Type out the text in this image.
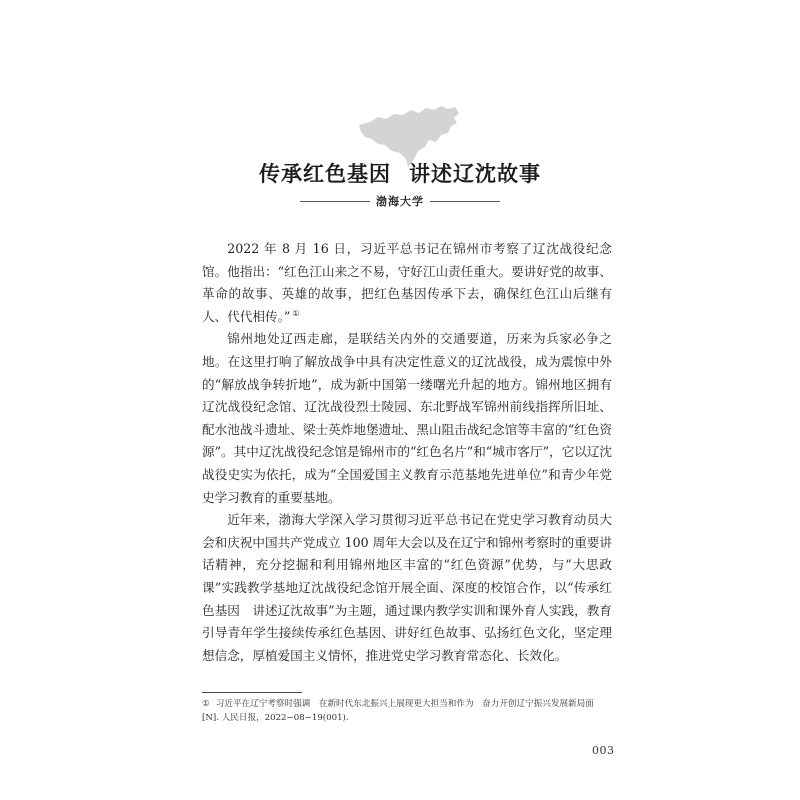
传承红色基因 讲述辽沈故事
渤海大学

2022 年 8 月 16 日，习近平总书记在锦州市考察了辽沈战役纪念馆。他指出：“红色江山来之不易，守好江山责任重大。要讲好党的故事、革命的故事、英雄的故事，把红色基因传承下去，确保红色江山后继有人、代代相传。” ①

锦州地处辽西走廊，是联结关内外的交通要道，历来为兵家必争之地。在这里打响了解放战争中具有决定性意义的辽沈战役，成为震惊中外的“解放战争转折地”，成为新中国第一缕曙光升起的地方。锦州地区拥有辽沈战役纪念馆、辽沈战役烈士陵园、东北野战军锦州前线指挥所旧址、配水池战斗遗址、梁士英炸地堡遗址、黑山阻击战纪念馆等丰富的“红色资源”。其中辽沈战役纪念馆是锦州市的“红色名片”和“城市客厅”，它以辽沈战役史实为依托，成为“全国爱国主义教育示范基地先进单位”和青少年党史学习教育的重要基地。

近年来，渤海大学深入学习贯彻习近平总书记在党史学习教育动员大会和庆祝中国共产党成立 100 周年大会以及在辽宁和锦州考察时的重要讲话精神，充分挖掘和利用锦州地区丰富的“红色资源”优势，与“大思政课”实践教学基地辽沈战役纪念馆开展全面、深度的校馆合作，以“传承红色基因　讲述辽沈故事”为主题，通过课内教学实训和课外育人实践，教育引导青年学生接续传承红色基因、讲好红色故事、弘扬红色文化，坚定理想信念，厚植爱国主义情怀，推进党史学习教育常态化、长效化。

① 习近平在辽宁考察时强调　在新时代东北振兴上展现更大担当和作为　奋力开创辽宁振兴发展新局面 [N]. 人民日报，2022−08−19(001).
003
